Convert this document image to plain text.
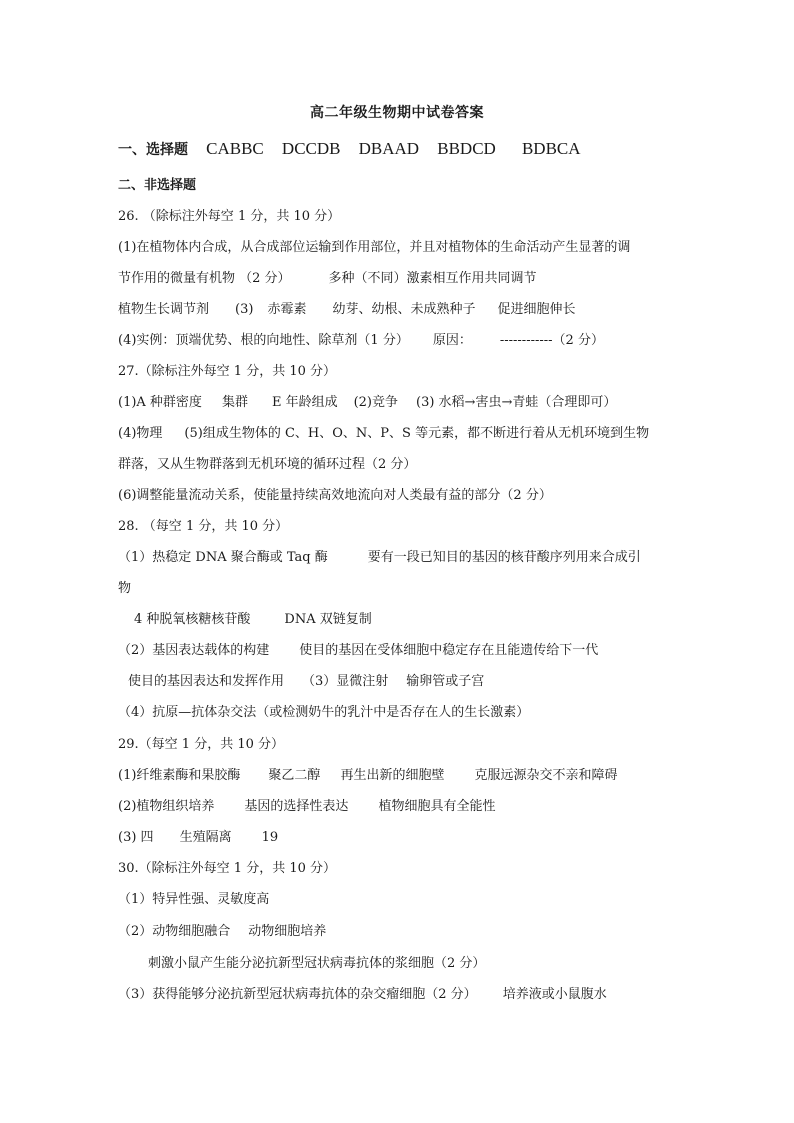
高二年级生物期中试卷答案
一、选择题 CABBC DCCDB DBAAD BBDCD BDBCA
二、非选择题
26. （除标注外每空 1 分，共 10 分）
(1)在植物体内合成，从合成部位运输到作用部位，并且对植物体的生命活动产生显著的调
节作用的微量有机物 （2 分）	多种（不同）激素相互作用共同调节
植物生长调节剂 (3) 赤霉素 幼芽、幼根、未成熟种子 促进细胞伸长
(4)实例：顶端优势、根的向地性、除草剂（1 分） 原因： ------------（2 分）
27.（除标注外每空 1 分，共 10 分）
(1)A 种群密度 集群 E 年龄组成 (2)竞争 (3) 水稻→害虫→青蛙（合理即可）
(4)物理 (5)组成生物体的 C、H、O、N、P、S 等元素，都不断进行着从无机环境到生物
群落，又从生物群落到无机环境的循环过程（2 分）
(6)调整能量流动关系，使能量持续高效地流向对人类最有益的部分（2 分）
28. （每空 1 分，共 10 分）
（1）热稳定 DNA 聚合酶或 Taq 酶	要有一段已知目的基因的核苷酸序列用来合成引
物
4 种脱氧核糖核苷酸	DNA 双链复制
（2）基因表达载体的构建 使目的基因在受体细胞中稳定存在且能遗传给下一代
使目的基因表达和发挥作用 （3）显微注射 输卵管或子宫
（4）抗原—抗体杂交法（或检测奶牛的乳汁中是否存在人的生长激素）
29.（每空 1 分，共 10 分）
(1)纤维素酶和果胶酶 聚乙二醇 再生出新的细胞壁 克服远源杂交不亲和障碍
(2)植物组织培养 基因的选择性表达 植物细胞具有全能性
(3) 四 生殖隔离 19
30.（除标注外每空 1 分，共 10 分）
（1）特异性强、灵敏度高
（2）动物细胞融合 动物细胞培养
刺激小鼠产生能分泌抗新型冠状病毒抗体的浆细胞（2 分）
（3）获得能够分泌抗新型冠状病毒抗体的杂交瘤细胞（2 分） 培养液或小鼠腹水
